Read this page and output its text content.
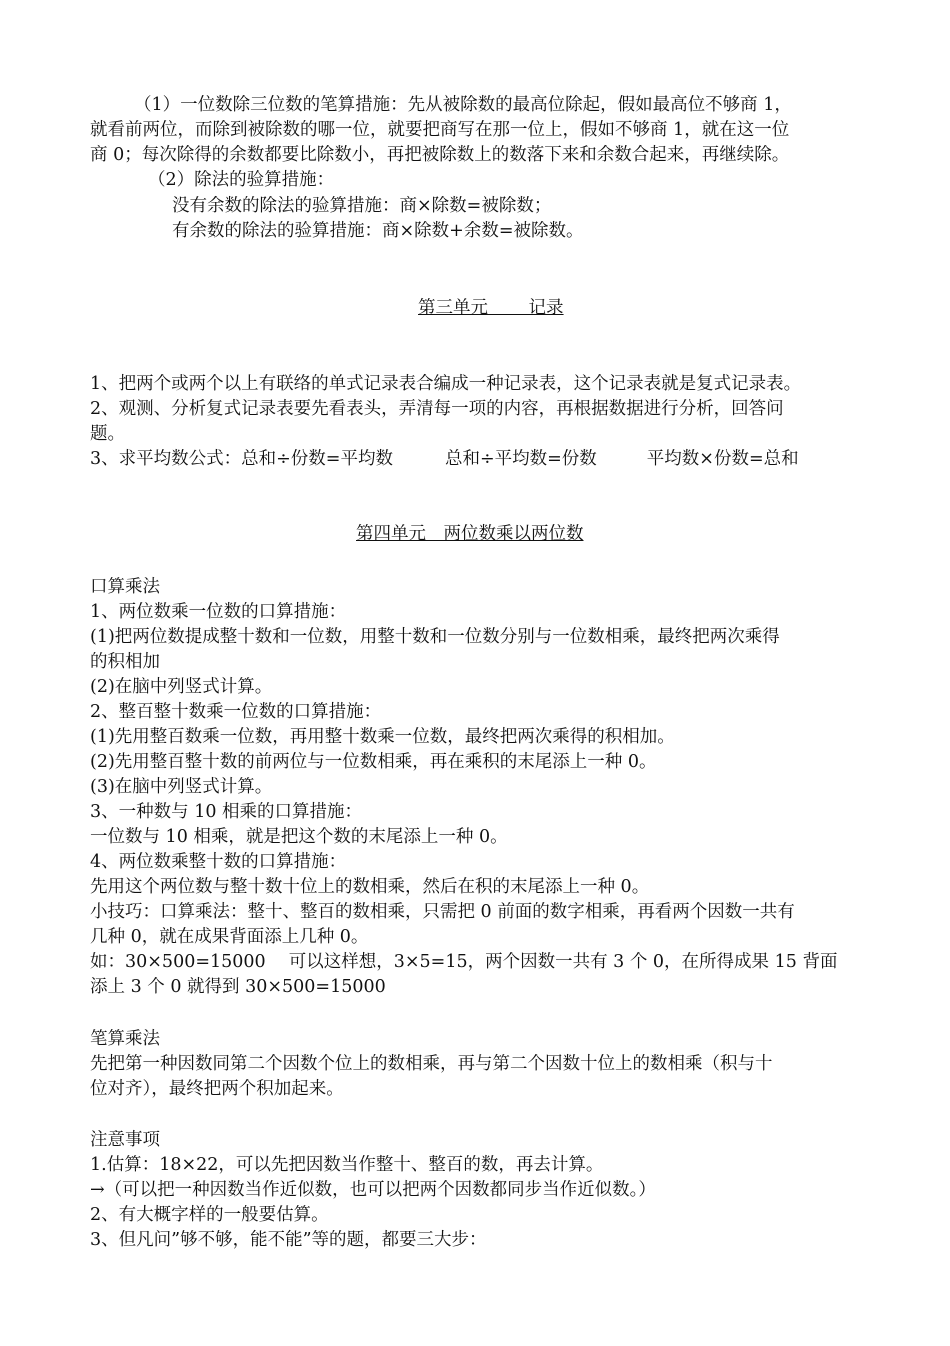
（1）一位数除三位数的笔算措施：先从被除数的最高位除起，假如最高位不够商 1，
就看前两位，而除到被除数的哪一位，就要把商写在那一位上，假如不够商 1，就在这一位
商 0；每次除得的余数都要比除数小，再把被除数上的数落下来和余数合起来，再继续除。
（2）除法的验算措施：
没有余数的除法的验算措施：商×除数=被除数；
有余数的除法的验算措施：商×除数+余数=被除数。
第三单元　　 记录
1、把两个或两个以上有联络的单式记录表合编成一种记录表，这个记录表就是复式记录表。
2、观测、分析复式记录表要先看表头，弄清每一项的内容，再根据数据进行分析，回答问
题。
3、求平均数公式：总和÷份数=平均数	总和÷平均数=份数	平均数×份数=总和
第四单元　两位数乘以两位数
口算乘法
1、两位数乘一位数的口算措施：
(1)把两位数提成整十数和一位数，用整十数和一位数分别与一位数相乘，最终把两次乘得
的积相加
(2)在脑中列竖式计算。
2、整百整十数乘一位数的口算措施：
(1)先用整百数乘一位数，再用整十数乘一位数，最终把两次乘得的积相加。
(2)先用整百整十数的前两位与一位数相乘，再在乘积的末尾添上一种 0。
(3)在脑中列竖式计算。
3、一种数与 10 相乘的口算措施：
一位数与 10 相乘，就是把这个数的末尾添上一种 0。
4、两位数乘整十数的口算措施：
先用这个两位数与整十数十位上的数相乘，然后在积的末尾添上一种 0。
小技巧：口算乘法：整十、整百的数相乘，只需把 0 前面的数字相乘，再看两个因数一共有
几种 0，就在成果背面添上几种 0。
如：30×500=15000　 可以这样想，3×5=15，两个因数一共有 3 个 0，在所得成果 15 背面
添上 3 个 0 就得到 30×500=15000
笔算乘法
先把第一种因数同第二个因数个位上的数相乘，再与第二个因数十位上的数相乘（积与十
位对齐），最终把两个积加起来。
注意事项
1.估算：18×22，可以先把因数当作整十、整百的数，再去计算。
→（可以把一种因数当作近似数，也可以把两个因数都同步当作近似数。）
2、有大概字样的一般要估算。
3、但凡问”够不够，能不能”等的题，都要三大步：
